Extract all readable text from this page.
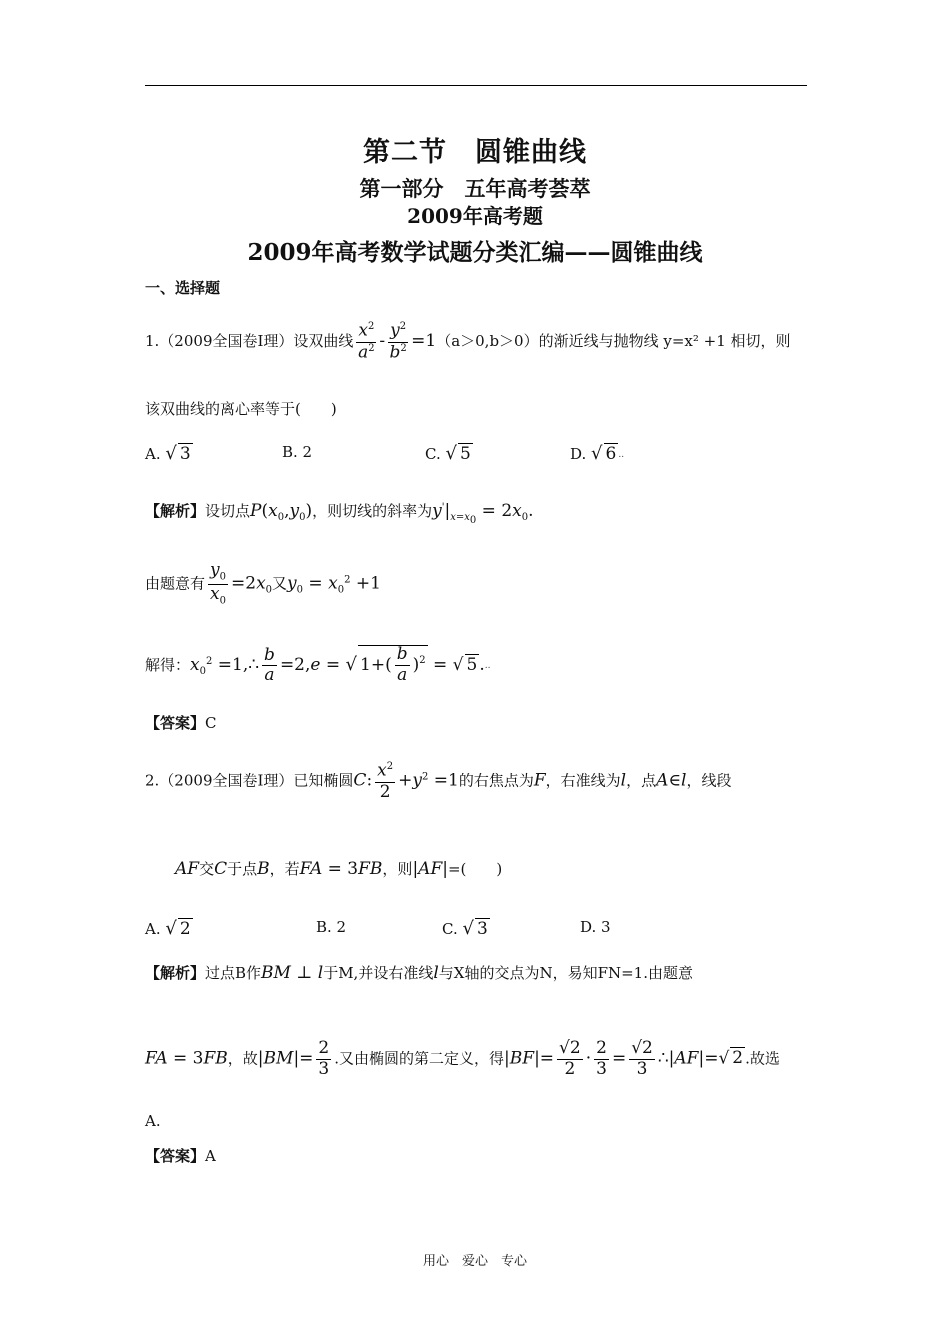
第二节　圆锥曲线
第一部分　五年高考荟萃
2009年高考题
2009年高考数学试题分类汇编——圆锥曲线
一、选择题
1.（2009全国卷Ⅰ理）设双曲线 $\frac{x^2}{a^2} - \frac{y^2}{b^2} =1(a>0,b>0)$的渐近线与抛物线 y=x² +1 相切，则
该双曲线的离心率等于(　　)
A. √ 3	B. 2	C. √ 5	D. √ 6 ..
【解析】设切点$P(x_0,y_0)$，则切线的斜率为$y'|_{x=x_0} = 2x_0$.
由题意有 $\frac{y_0}{x_0} =2x_0$又$y_0 = x_0^2 +1$
解得：$x_0^2$ =1,∴ $\frac{b}{a} =2,e$ = √ $1+( \frac{b}{a} )^2$ = √ 5 ...
【答案】C
2.（2009全国卷Ⅰ理）已知椭圆C: $\frac{x^2}{2} +y^2 =1$的右焦点为F，右准线为l，点A∈l，线段
AF交C于点B，若FA = 3FB，则|AF|=(　　)
A. √ 2	B. 2	C. √ 3	D. 3
【解析】过点B作BM ⊥ l于M,并设右准线l与X轴的交点为N，易知FN=1.由题意
FA = 3FB，故$|BM|= \frac{2}{3}$ .又由椭圆的第二定义，得$|BF|= \frac{√2}{2} \cdot \frac{2}{3} = \frac{√2}{3}$ ∴|AF|=√ 2 .故选
A.
【答案】A
用心　爱心　专心
